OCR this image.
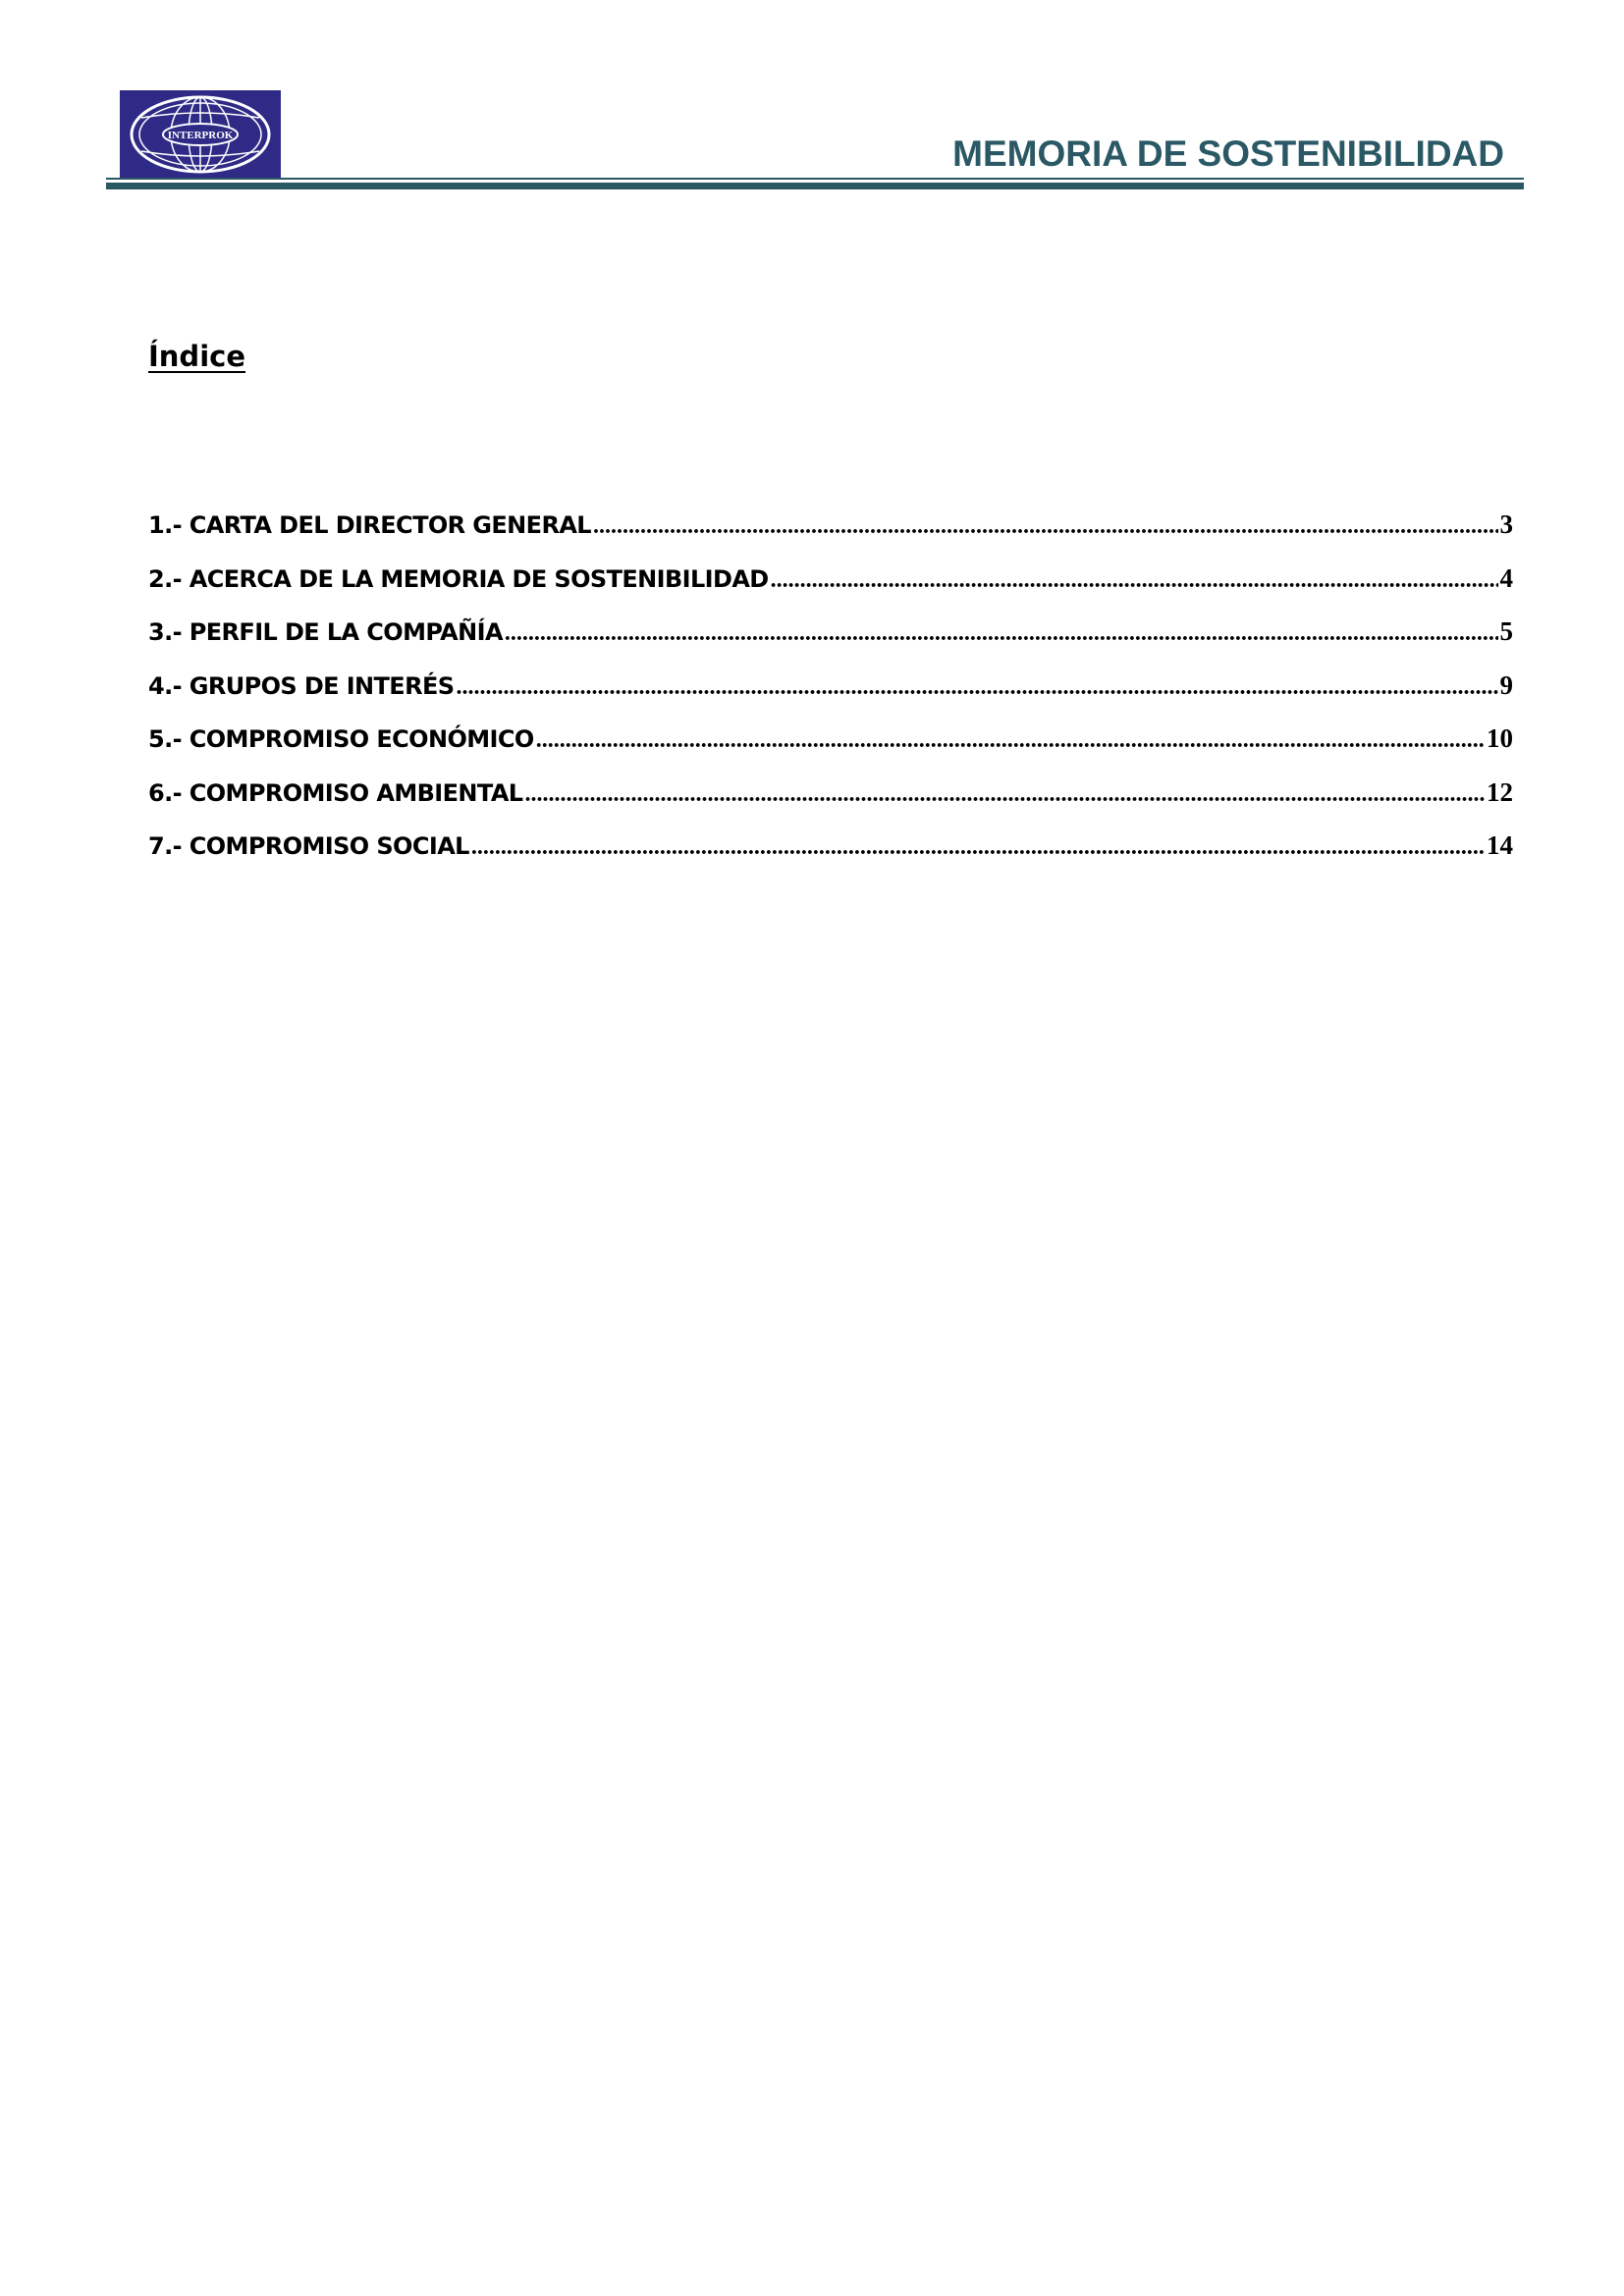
INTERPROK	MEMORIA DE SOSTENIBILIDAD
Índice
1.- CARTA DEL DIRECTOR GENERAL .....	3
2.- ACERCA DE LA MEMORIA DE SOSTENIBILIDAD .....	4
3.- PERFIL DE LA COMPAÑÍA .....	5
4.- GRUPOS DE INTERÉS .....	9
5.- COMPROMISO ECONÓMICO .....	10
6.- COMPROMISO AMBIENTAL .....	12
7.- COMPROMISO SOCIAL .....	14
